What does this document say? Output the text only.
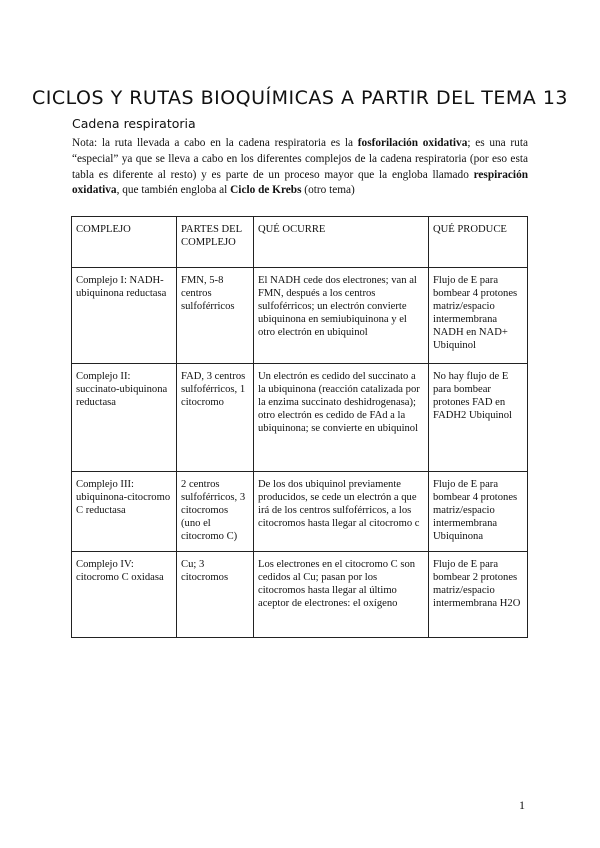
CICLOS Y RUTAS BIOQUÍMICAS A PARTIR DEL TEMA 13
Cadena respiratoria

Nota: la ruta llevada a cabo en la cadena respiratoria es la fosforilación oxidativa; es una ruta “especial” ya que se lleva a cabo en los diferentes complejos de la cadena respiratoria (por eso esta tabla es diferente al resto) y es parte de un proceso mayor que la engloba llamado respiración oxidativa, que también engloba al Ciclo de Krebs (otro tema)

COMPLEJO	PARTES DEL COMPLEJO	QUÉ OCURRE	QUÉ PRODUCE
Complejo I: NADH-ubiquinona reductasa	FMN, 5-8 centros sulfoférricos	El NADH cede dos electrones; van al FMN, después a los centros sulfoférricos; un electrón convierte ubiquinona en semiubiquinona y el otro electrón en ubiquinol	Flujo de E para bombear 4 protones matriz/espacio intermembrana NADH en NAD+ Ubiquinol
Complejo II: succinato-ubiquinona reductasa	FAD, 3 centros sulfoférricos, 1 citocromo	Un electrón es cedido del succinato a la ubiquinona (reacción catalizada por la enzima succinato deshidrogenasa); otro electrón es cedido de FAd a la ubiquinona; se convierte en ubiquinol	No hay flujo de E para bombear protones FAD en FADH2 Ubiquinol
Complejo III: ubiquinona-citocromo C reductasa	2 centros sulfoférricos, 3 citocromos (uno el citocromo C)	De los dos ubiquinol previamente producidos, se cede un electrón a que irá de los centros sulfoférricos, a los citocromos hasta llegar al citocromo c	Flujo de E para bombear 4 protones matriz/espacio intermembrana Ubiquinona
Complejo IV: citocromo C oxidasa	Cu; 3 citocromos	Los electrones en el citocromo C son cedidos al Cu; pasan por los citocromos hasta llegar al último aceptor de electrones: el oxígeno	Flujo de E para bombear 2 protones matriz/espacio intermembrana H2O
1
